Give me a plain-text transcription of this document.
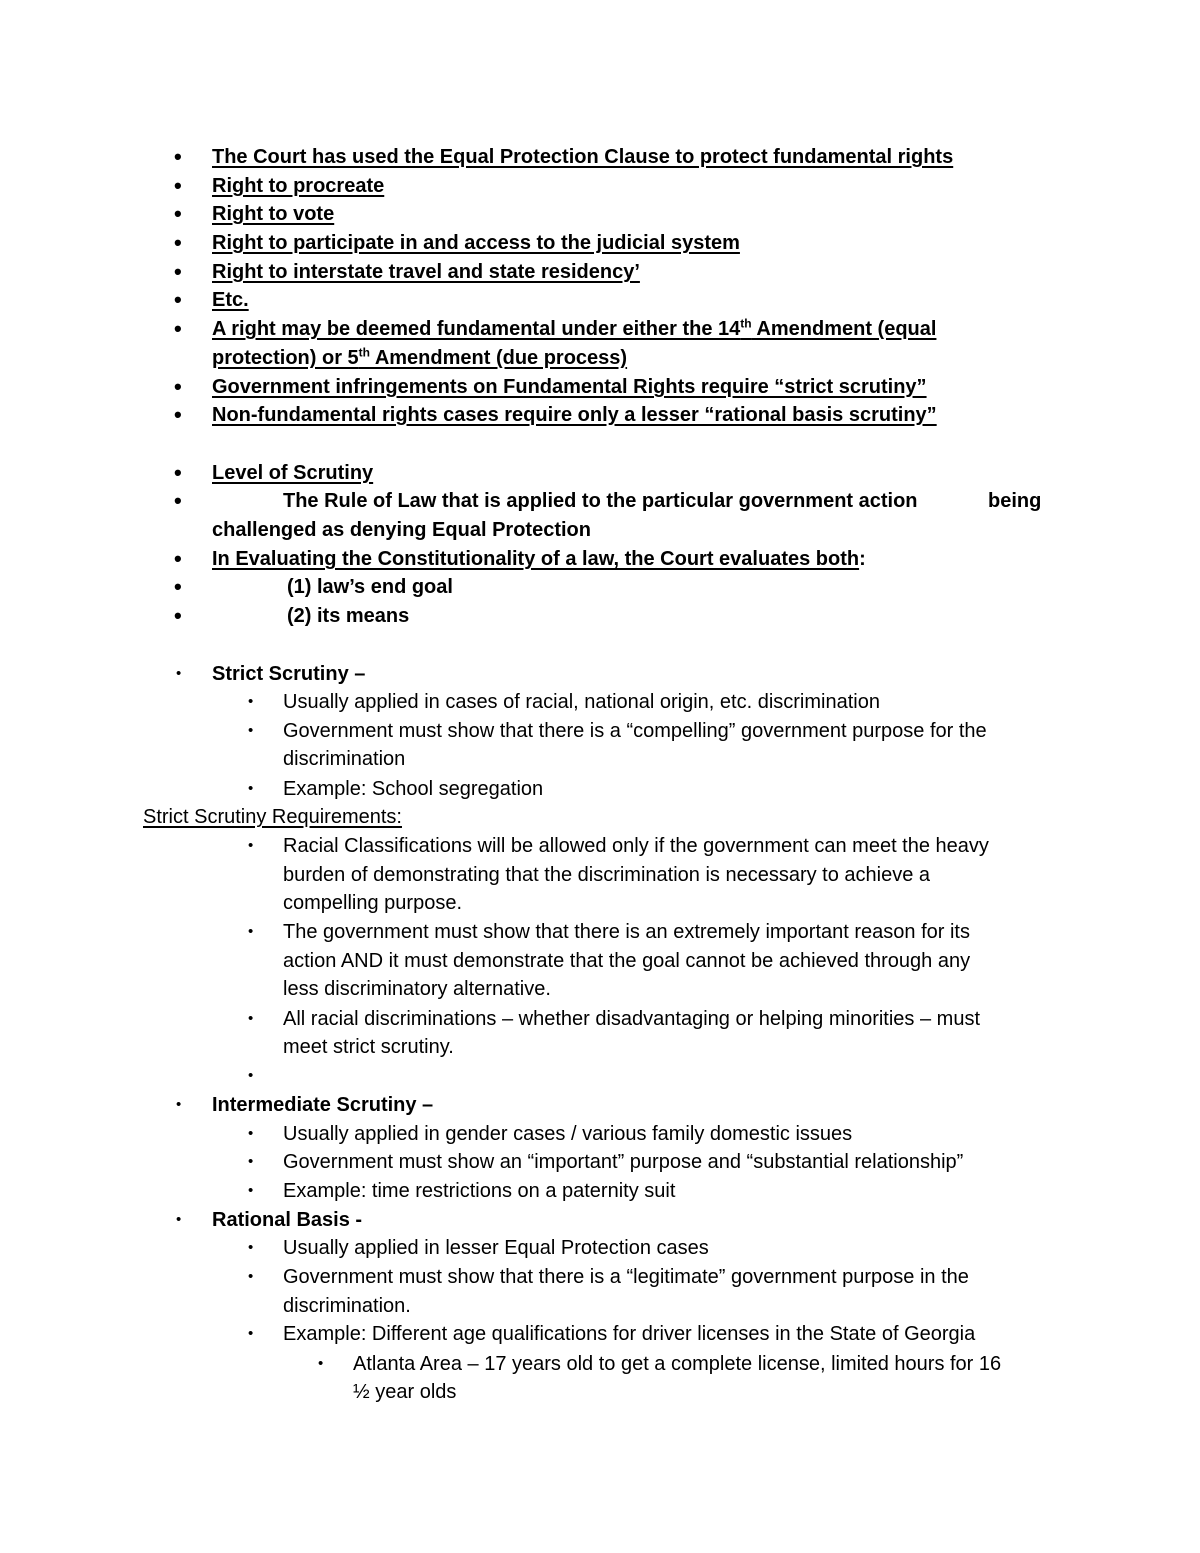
• The Court has used the Equal Protection Clause to protect fundamental rights
• Right to procreate
• Right to vote
• Right to participate in and access to the judicial system
• Right to interstate travel and state residency’
• Etc.
• A right may be deemed fundamental under either the 14th Amendment (equal
protection) or 5th Amendment (due process)
• Government infringements on Fundamental Rights require “strict scrutiny”
• Non-fundamental rights cases require only a lesser “rational basis scrutiny”
• Level of Scrutiny
•	The Rule of Law that is applied to the particular government action	being
challenged as denying Equal Protection
• In Evaluating the Constitutionality of a law, the Court evaluates both:
•	(1) law’s end goal
•	(2) its means
• Strict Scrutiny –
• Usually applied in cases of racial, national origin, etc. discrimination
• Government must show that there is a “compelling” government purpose for the
discrimination
• Example: School segregation
Strict Scrutiny Requirements:
• Racial Classifications will be allowed only if the government can meet the heavy
burden of demonstrating that the discrimination is necessary to achieve a
compelling purpose.
• The government must show that there is an extremely important reason for its
action AND it must demonstrate that the goal cannot be achieved through any
less discriminatory alternative.
• All racial discriminations – whether disadvantaging or helping minorities – must
meet strict scrutiny.
•
• Intermediate Scrutiny –
• Usually applied in gender cases / various family domestic issues
• Government must show an “important” purpose and “substantial relationship”
• Example: time restrictions on a paternity suit
• Rational Basis -
• Usually applied in lesser Equal Protection cases
• Government must show that there is a “legitimate” government purpose in the
discrimination.
• Example: Different age qualifications for driver licenses in the State of Georgia
• Atlanta Area – 17 years old to get a complete license, limited hours for 16
½ year olds
